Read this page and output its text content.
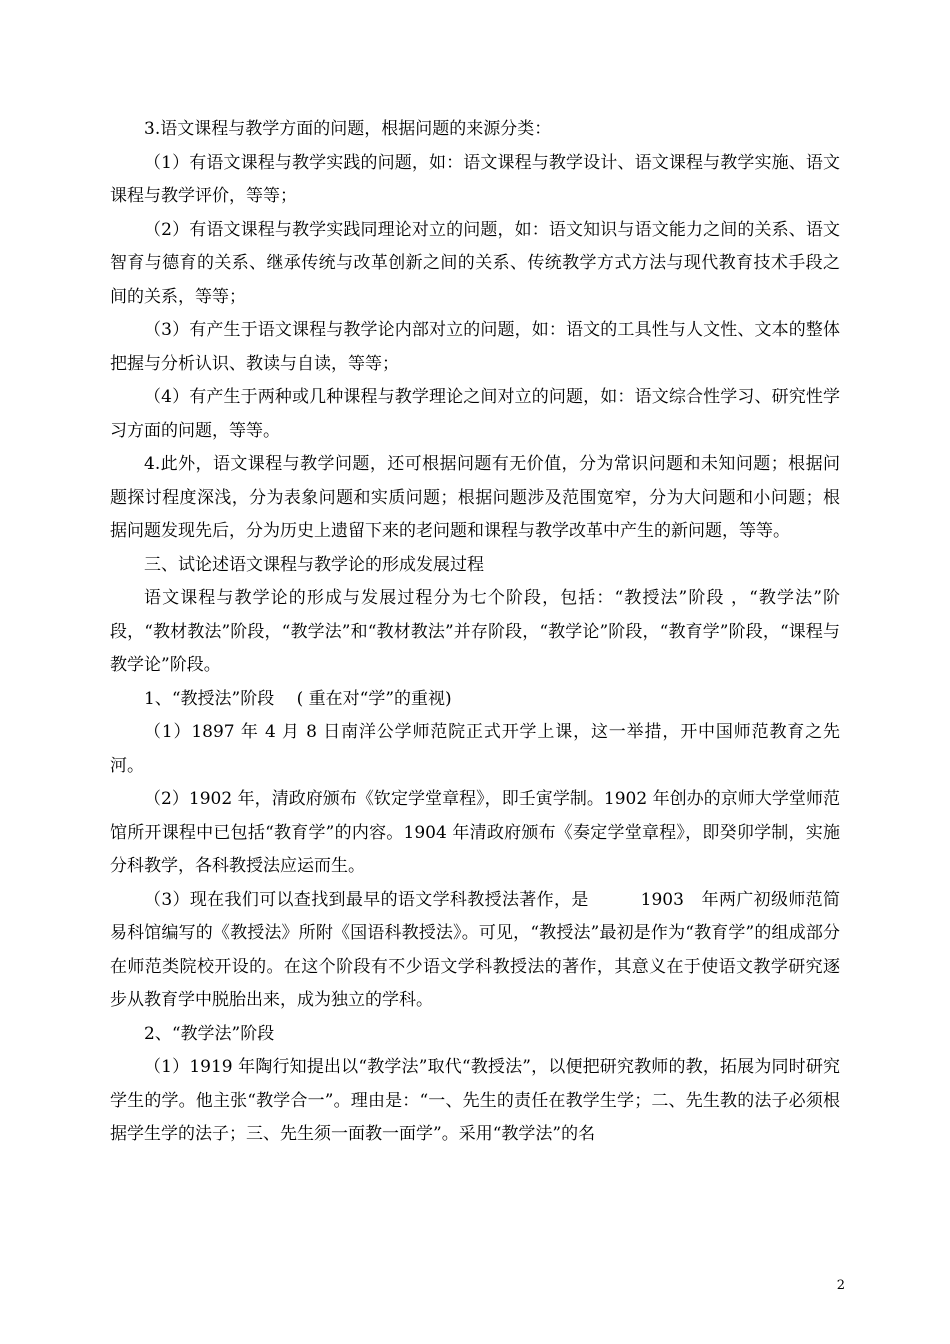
3.语文课程与教学方面的问题，根据问题的来源分类：

（1）有语文课程与教学实践的问题，如：语文课程与教学设计、语文课程与教学实施、语文课程与教学评价，等等；

（2）有语文课程与教学实践同理论对立的问题，如：语文知识与语文能力之间的关系、语文智育与德育的关系、继承传统与改革创新之间的关系、传统教学方式方法与现代教育技术手段之间的关系，等等；

（3）有产生于语文课程与教学论内部对立的问题，如：语文的工具性与人文性、文本的整体把握与分析认识、教读与自读，等等；

（4）有产生于两种或几种课程与教学理论之间对立的问题，如：语文综合性学习、研究性学习方面的问题，等等。

4.此外，语文课程与教学问题，还可根据问题有无价值，分为常识问题和未知问题；根据问题探讨程度深浅，分为表象问题和实质问题；根据问题涉及范围宽窄，分为大问题和小问题；根据问题发现先后，分为历史上遗留下来的老问题和课程与教学改革中产生的新问题，等等。

三、试论述语文课程与教学论的形成发展过程

语文课程与教学论的形成与发展过程分为七个阶段，包括：“教授法”阶段 ，“教学法”阶段，“教材教法”阶段，“教学法”和“教材教法”并存阶段，“教学论”阶段，“教育学”阶段，“课程与教学论”阶段。

1、“教授法”阶段　 ( 重在对“学”的重视)

（1）1897 年 4 月 8 日南洋公学师范院正式开学上课，这一举措，开中国师范教育之先河。

（2）1902 年，清政府颁布《钦定学堂章程》，即壬寅学制。1902 年创办的京师大学堂师范馆所开课程中已包括“教育学”的内容。1904 年清政府颁布《奏定学堂章程》，即癸卯学制，实施分科教学，各科教授法应运而生。

（3）现在我们可以查找到最早的语文学科教授法著作，是　　　1903　年两广初级师范简易科馆编写的《教授法》所附《国语科教授法》。可见，“教授法”最初是作为“教育学”的组成部分在师范类院校开设的。在这个阶段有不少语文学科教授法的著作，其意义在于使语文教学研究逐步从教育学中脱胎出来，成为独立的学科。

2、“教学法”阶段

（1）1919 年陶行知提出以“教学法”取代“教授法”，以便把研究教师的教，拓展为同时研究学生的学。他主张“教学合一”。理由是：“一、先生的责任在教学生学；二、先生教的法子必须根据学生学的法子；三、先生须一面教一面学”。采用“教学法”的名

2
